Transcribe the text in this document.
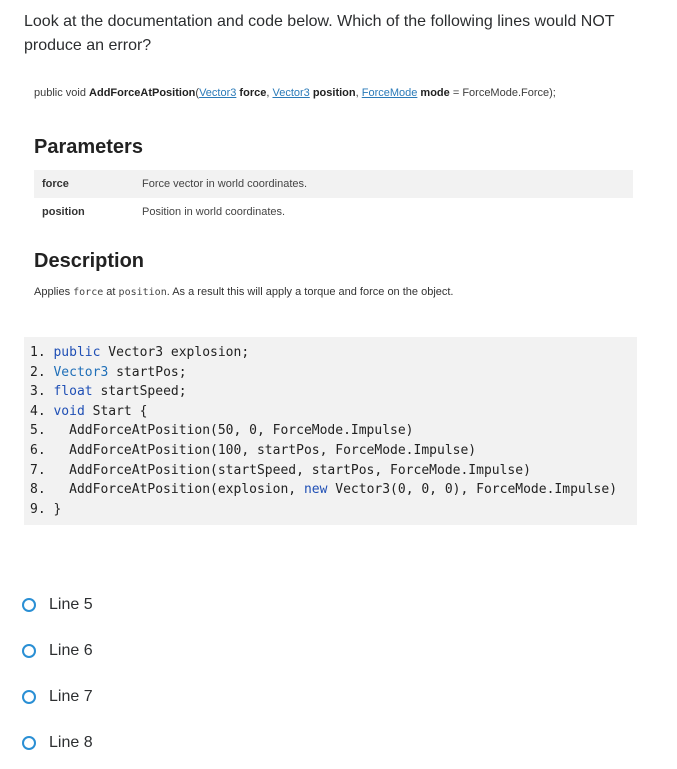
Look at the documentation and code below. Which of the following lines would NOT produce an error?
public void AddForceAtPosition(Vector3 force, Vector3 position, ForceMode mode = ForceMode.Force);
Parameters
force	Force vector in world coordinates.
position	Position in world coordinates.
Description
Applies force at position. As a result this will apply a torque and force on the object.
1. public Vector3 explosion;
2. Vector3 startPos;
3. float startSpeed;
4. void Start {
5.   AddForceAtPosition(50, 0, ForceMode.Impulse)
6.   AddForceAtPosition(100, startPos, ForceMode.Impulse)
7.   AddForceAtPosition(startSpeed, startPos, ForceMode.Impulse)
8.   AddForceAtPosition(explosion, new Vector3(0, 0, 0), ForceMode.Impulse)
9. }
Line 5
Line 6
Line 7
Line 8
